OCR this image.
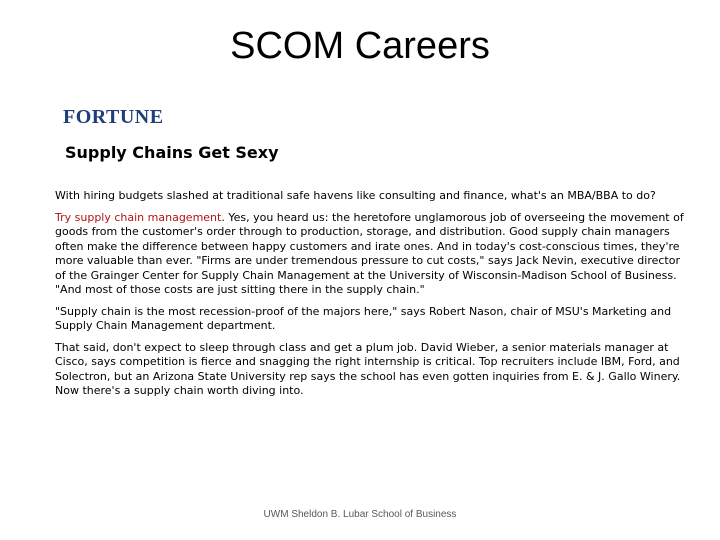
SCOM Careers
FORTUNE
Supply Chains Get Sexy

With hiring budgets slashed at traditional safe havens like consulting and finance, what's an MBA/BBA to do?

Try supply chain management. Yes, you heard us: the heretofore unglamorous job of overseeing the movement of goods from the customer's order through to production, storage, and distribution. Good supply chain managers often make the difference between happy customers and irate ones. And in today's cost-conscious times, they're more valuable than ever. "Firms are under tremendous pressure to cut costs," says Jack Nevin, executive director of the Grainger Center for Supply Chain Management at the University of Wisconsin-Madison School of Business. "And most of those costs are just sitting there in the supply chain."

"Supply chain is the most recession-proof of the majors here," says Robert Nason, chair of MSU's Marketing and Supply Chain Management department.

That said, don't expect to sleep through class and get a plum job. David Wieber, a senior materials manager at Cisco, says competition is fierce and snagging the right internship is critical. Top recruiters include IBM, Ford, and Solectron, but an Arizona State University rep says the school has even gotten inquiries from E. & J. Gallo Winery. Now there's a supply chain worth diving into.

UWM Sheldon B. Lubar School of Business
